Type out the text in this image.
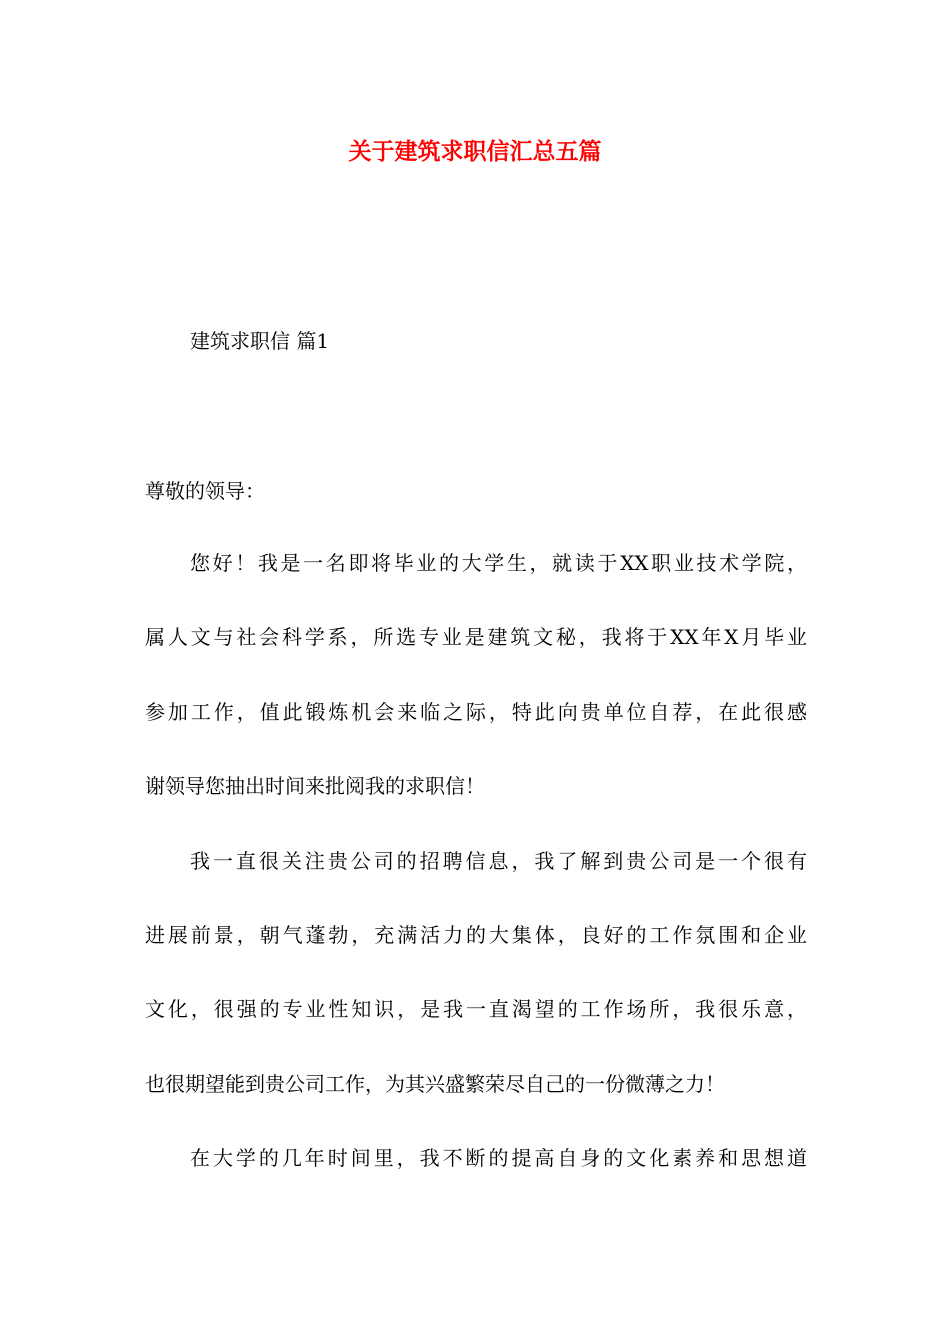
关于建筑求职信汇总五篇

建筑求职信 篇1

尊敬的领导：

您好！我是一名即将毕业的大学生，就读于XX职业技术学院，
属人文与社会科学系，所选专业是建筑文秘，我将于XX年X月毕业
参加工作，值此锻炼机会来临之际，特此向贵单位自荐，在此很感
谢领导您抽出时间来批阅我的求职信！
我一直很关注贵公司的招聘信息，我了解到贵公司是一个很有
进展前景，朝气蓬勃，充满活力的大集体，良好的工作氛围和企业
文化，很强的专业性知识，是我一直渴望的工作场所，我很乐意，
也很期望能到贵公司工作，为其兴盛繁荣尽自己的一份微薄之力！
在大学的几年时间里，我不断的提高自身的文化素养和思想道
